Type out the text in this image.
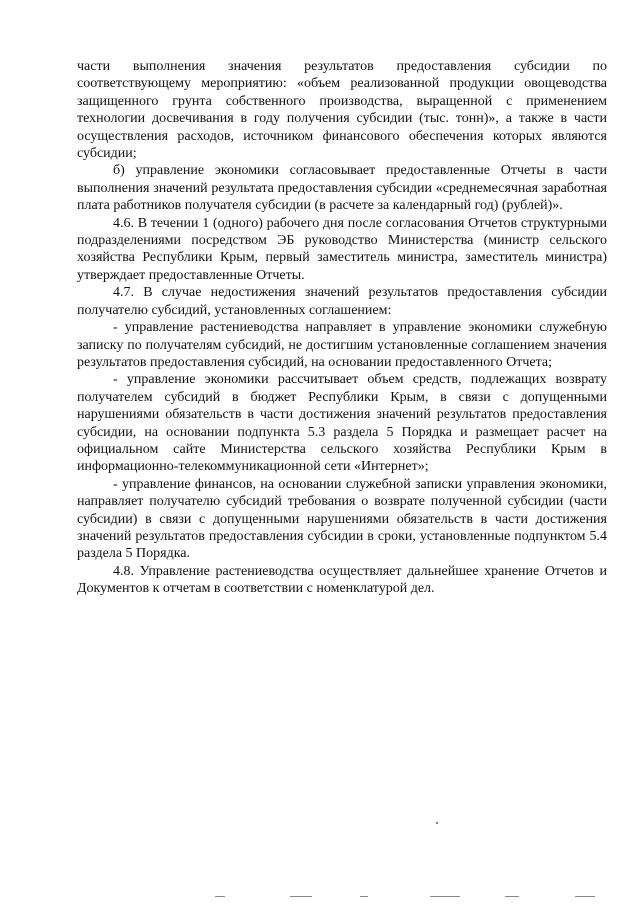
части выполнения значения результатов предоставления субсидии по соответствующему мероприятию: «объем реализованной продукции овощеводства защищенного грунта собственного производства, выращенной с применением технологии досвечивания в году получения субсидии (тыс. тонн)», а также в части осуществления расходов, источником финансового обеспечения которых являются субсидии;

б) управление экономики согласовывает предоставленные Отчеты в части выполнения значений результата предоставления субсидии «среднемесячная заработная плата работников получателя субсидии (в расчете за календарный год) (рублей)».

4.6. В течении 1 (одного) рабочего дня после согласования Отчетов структурными подразделениями посредством ЭБ руководство Министерства (министр сельского хозяйства Республики Крым, первый заместитель министра, заместитель министра) утверждает предоставленные Отчеты.

4.7. В случае недостижения значений результатов предоставления субсидии получателю субсидий, установленных соглашением:

- управление растениеводства направляет в управление экономики служебную записку по получателям субсидий, не достигшим установленные соглашением значения результатов предоставления субсидий, на основании предоставленного Отчета;

- управление экономики рассчитывает объем средств, подлежащих возврату получателем субсидий в бюджет Республики Крым, в связи с допущенными нарушениями обязательств в части достижения значений результатов предоставления субсидии, на основании подпункта 5.3 раздела 5 Порядка и размещает расчет на официальном сайте Министерства сельского хозяйства Республики Крым в информационно-телекоммуникационной сети «Интернет»;

- управление финансов, на основании служебной записки управления экономики, направляет получателю субсидий требования о возврате полученной субсидии (части субсидии) в связи с допущенными нарушениями обязательств в части достижения значений результатов предоставления субсидии в сроки, установленные подпунктом 5.4 раздела 5 Порядка.

4.8. Управление растениеводства осуществляет дальнейшее хранение Отчетов и Документов к отчетам в соответствии с номенклатурой дел.
